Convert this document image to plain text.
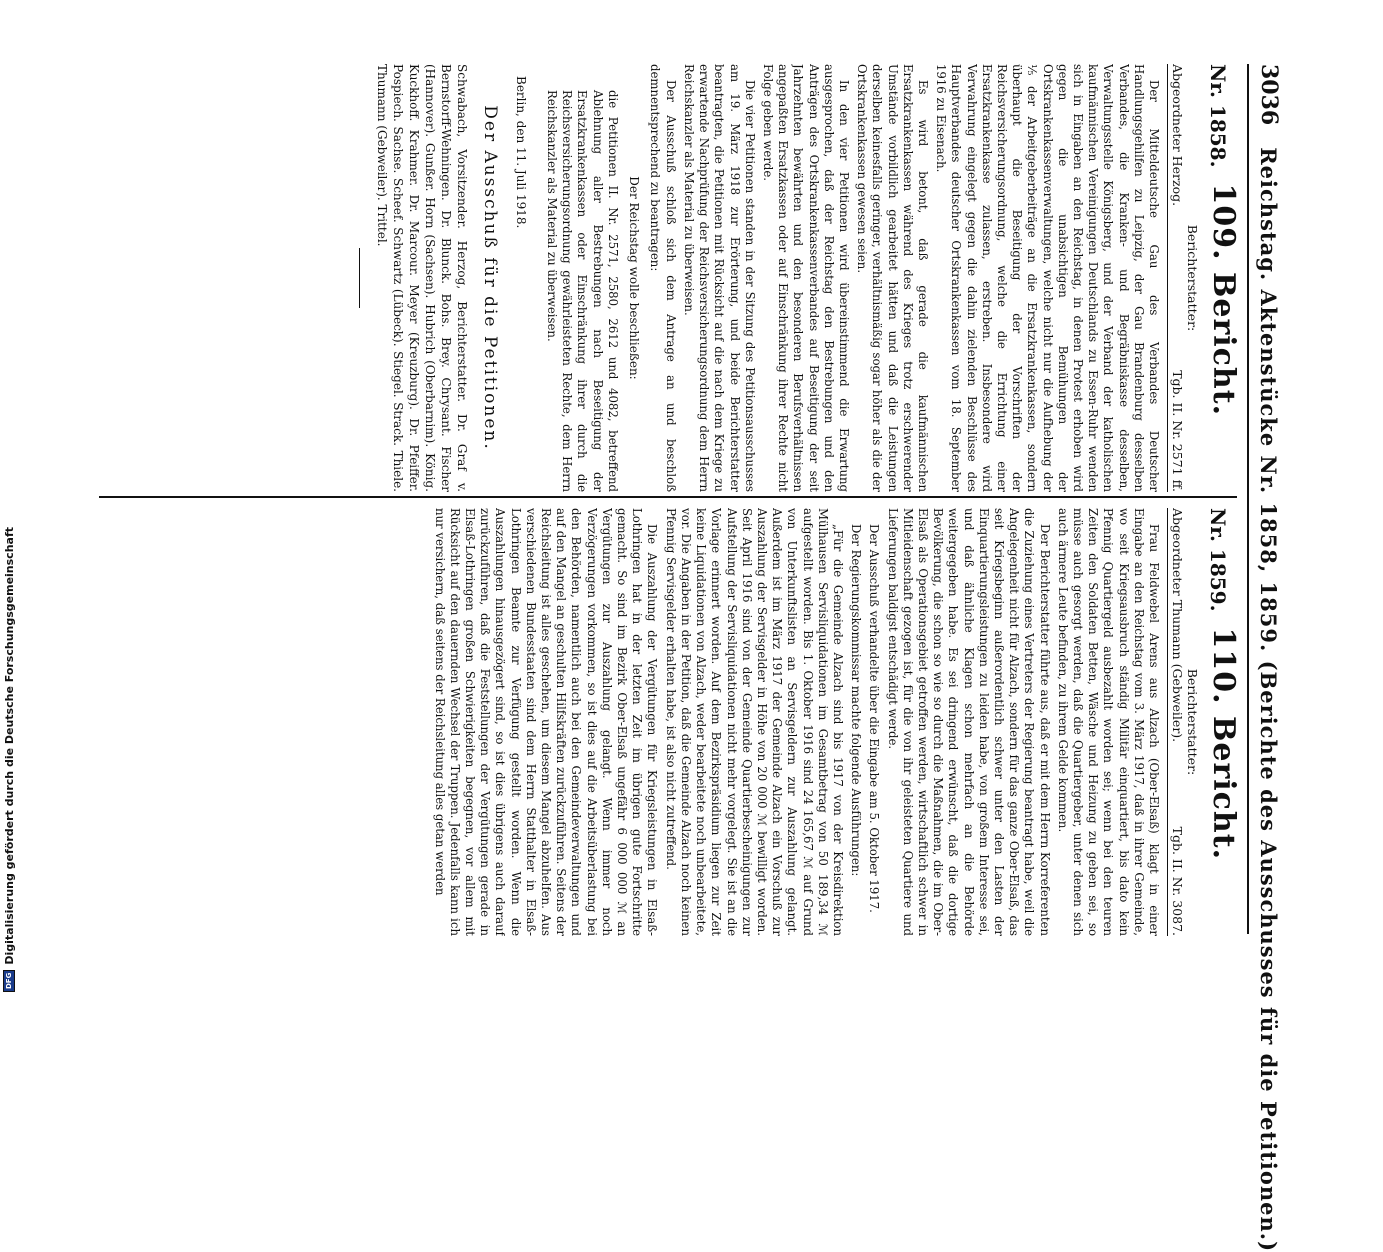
3036
Reichstag. Aktenstücke Nr. 1858, 1859. (Berichte des Ausschusses für die Petitionen.)
Nr. 1858.
109. Bericht.
Berichterstatter:
Abgeordneter Herzog.
Tgb. II. Nr. 2571 ff.

Der Mitteldeutsche Gau des Verbandes Deutscher Handlungsgehilfen zu Leipzig, der Gau Brandenburg desselben Verbandes, die Kranken- und Begräbniskasse desselben, Verwaltungsstelle Königsberg, und der Verband der katholischen kaufmännischen Vereinigungen Deutschlands zu Essen-Ruhr wenden sich in Eingaben an den Reichstag, in denen Protest erhoben wird gegen die unabsichtigen Bemühungen der Ortskrankenkassenverwaltungen, welche nicht nur die Aufhebung der ⅕ der Arbeitgeberbeiträge an die Ersatzkrankenkassen, sondern überhaupt die Beseitigung der Vorschriften der Reichsversicherungsordnung, welche die Errichtung einer Ersatzkrankenkasse zulassen, erstreben. Insbesondere wird Verwahrung eingelegt gegen die dahin zielenden Beschlüsse des Hauptverbandes deutscher Ortskrankenkassen vom 18. September 1916 zu Eisenach.

Es wird betont, daß gerade die kaufmännischen Ersatzkrankenkassen während des Krieges trotz erschwerender Umstände vorbildlich gearbeitet hätten und daß die Leistungen derselben keinesfalls geringer, verhältnismäßig sogar höher als die der Ortskrankenkassen gewesen seien.

In den vier Petitionen wird übereinstimmend die Erwartung ausgesprochen, daß der Reichstag den Bestrebungen und den Anträgen des Ortskrankenkassenverbandes auf Beseitigung der seit Jahrzehnten bewährten und den besonderen Berufsverhältnissen angepaßten Ersatzkassen oder auf Einschränkung ihrer Rechte nicht Folge geben werde.

Die vier Petitionen standen in der Sitzung des Petitionsausschusses am 19. März 1918 zur Erörterung, und beide Berichterstatter beantragten, die Petitionen mit Rücksicht auf die nach dem Kriege zu erwartende Nachprüfung der Reichsversicherungsordnung dem Herrn Reichskanzler als Material zu überweisen.

Der Ausschuß schloß sich dem Antrage an und beschloß demnentsprechend zu beantragen:

Der Reichstag wolle beschließen:

die Petitionen II. Nr. 2571, 2580, 2612 und 4082, betreffend Ablehnung aller Bestrebungen nach Beseitigung der Ersatzkrankenkassen oder Einschränkung ihrer durch die Reichsversicherungsordnung gewährleisteten Rechte, dem Herrn Reichskanzler als Material zu überweisen.

Berlin, den 11. Juli 1918.
Der Ausschuß für die Petitionen.

Schwabach, Vorsitzender. Herzog, Berichterstatter. Dr. Graf v. Bernstorff-Wehningen. Dr. Blunck. Bohs. Brey. Chrysant. Fischer (Hannover). Gunßer. Horn (Sachsen). Hubrich (Oberbarnim). König. Kuckhoff. Krahmer. Dr. Marcour. Meyer (Kreuzburg). Dr. Pfeiffer. Pospiech. Sachse. Scheef. Schwartz (Lübeck). Stiegel. Strack. Thiele. Thumann (Gebweiler). Trittel.

Nr. 1859.
110. Bericht.
Berichterstatter:
Abgeordneter Thumann (Gebweiler).
Tgb. II. Nr. 3087.

Frau Feldwebel Arens aus Alzach (Ober-Elsaß) klagt in einer Eingabe an den Reichstag vom 3. März 1917, daß in ihrer Gemeinde, wo seit Kriegsausbruch ständig Militär einquartiert, bis dato kein Pfennig Quartiergeld ausbezahlt worden sei; wenn bei den teuren Zeiten den Soldaten Betten, Wäsche und Heizung zu geben sei, so müsse auch gesorgt werden, daß die Quartiergeber, unter denen sich auch ärmere Leute befinden, zu ihrem Gelde kommen.

Der Berichterstatter führte aus, daß er mit dem Herrn Korreferenten die Zuziehung eines Vertreters der Regierung beantragt habe, weil die Angelegenheit nicht für Alzach, sondern für das ganze Ober-Elsaß, das seit Kriegsbeginn außerordentlich schwer unter den Lasten der Einquartierungsleistungen zu leiden habe, von großem Interesse sei, und daß ähnliche Klagen schon mehrfach an die Behörde weitergegeben habe. Es sei dringend erwünscht, daß die dortige Bevölkerung, die schon so wie so durch die Maßnahmen, die im Ober-Elsaß als Operationsgebiet getroffen werden, wirtschaftlich schwer in Mitleidenschaft gezogen ist, für die von ihr geleisteten Quartiere und Lieferungen baldigst entschädigt werde.

Der Ausschuß verhandelte über die Eingabe am 5. Oktober 1917.

Der Regierungskommissar machte folgende Ausführungen:

„Für die Gemeinde Alzach sind bis 1917 von der Kreisdirektion Mülhausen Servisliquidationen im Gesamtbetrag von 50 189,34 ℳ aufgestellt worden. Bis 1. Oktober 1916 sind 24 165,67 ℳ auf Grund von Unterkunftslisten an Servisgeldern zur Auszahlung gelangt. Außerdem ist im März 1917 der Gemeinde Alzach ein Vorschuß zur Auszahlung der Servisgelder in Höhe von 20 000 ℳ bewilligt worden. Seit April 1916 sind von der Gemeinde Quartierbescheinigungen zur Aufstellung der Servisliquidationen nicht mehr vorgelegt. Sie ist an die Vorlage erinnert worden. Auf dem Bezirkspräsidium liegen zur Zeit keine Liquidationen von Alzach, weder bearbeitete noch unbearbeitete, vor. Die Angaben in der Petition, daß die Gemeinde Alzach noch keinen Pfennig Servisgelder erhalten habe, ist also nicht zutreffend.

Die Auszahlung der Vergütungen für Kriegsleistungen in Elsaß-Lothringen hat in der letzten Zeit im übrigen gute Fortschritte gemacht. So sind im Bezirk Ober-Elsaß ungefähr 6 000 000 ℳ an Vergütungen zur Auszahlung gelangt. Wenn immer noch Verzögerungen vorkommen, so ist dies auf die Arbeitsüberlastung bei den Behörden, namentlich auch bei den Gemeindeverwaltungen und auf den Mangel an geschulten Hilfskräften zurückzuführen. Seitens der Reichsleitung ist alles geschehen, um diesem Mangel abzuhelfen. Aus verschiedenen Bundesstaaten sind dem Herrn Statthalter in Elsaß-Lothringen Beamte zur Verfügung gestellt worden. Wenn die Auszahlungen hinausgezögert sind, so ist dies übrigens auch darauf zurückzuführen, daß die Feststellungen der Vergütungen gerade in Elsaß-Lothringen großen Schwierigkeiten begegnen, vor allem mit Rücksicht auf den dauernden Wechsel der Truppen. Jedenfalls kann ich nur versichern, daß seitens der Reichsleitung alles getan werden

DFG
Digitalisierung gefördert durch die Deutsche Forschungsgemeinschaft
